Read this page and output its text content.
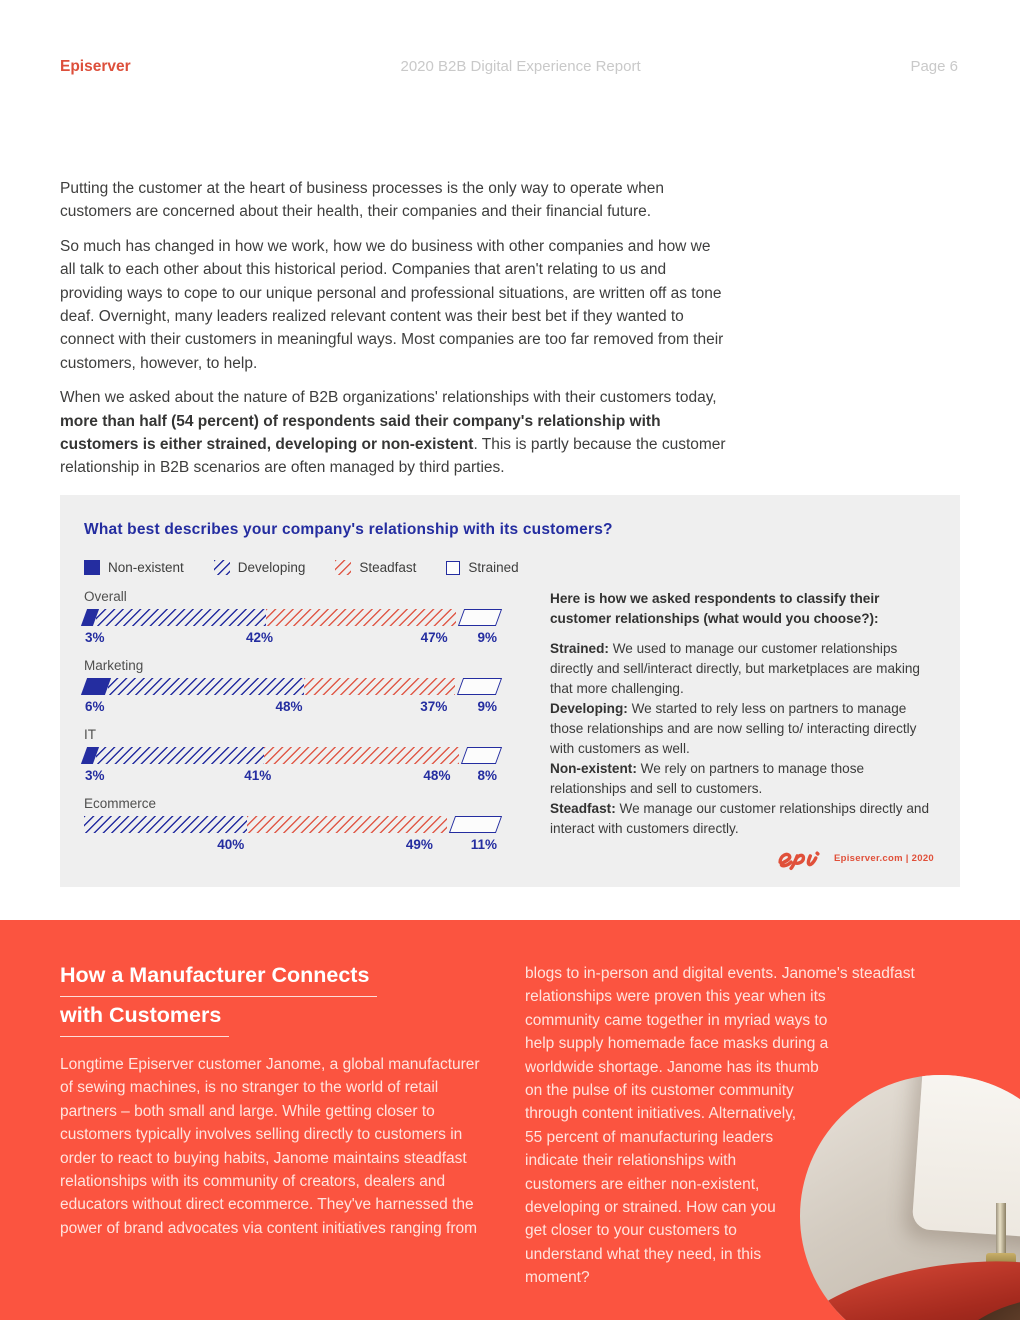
Episerver	2020 B2B Digital Experience Report	Page 6

Putting the customer at the heart of business processes is the only way to operate when customers are concerned about their health, their companies and their financial future.

So much has changed in how we work, how we do business with other companies and how we all talk to each other about this historical period. Companies that aren't relating to us and providing ways to cope to our unique personal and professional situations, are written off as tone deaf. Overnight, many leaders realized relevant content was their best bet if they wanted to connect with their customers in meaningful ways. Most companies are too far removed from their customers, however, to help.

When we asked about the nature of B2B organizations' relationships with their customers today, more than half (54 percent) of respondents said their company's relationship with customers is either strained, developing or non-existent. This is partly because the customer relationship in B2B scenarios are often managed by third parties.

What best describes your company's relationship with its customers?
Non-existent	Developing	Steadfast	Strained
Overall
3%	42%	47%	9%
Marketing
6%	48%	37%	9%
IT
3%	41%	48%	8%
Ecommerce
40%	49%	11%
Here is how we asked respondents to classify their customer relationships (what would you choose?):

Strained: We used to manage our customer relationships directly and sell/interact directly, but marketplaces are making that more challenging.

Developing: We started to rely less on partners to manage those relationships and are now selling to/ interacting directly with customers as well.

Non-existent: We rely on partners to manage those relationships and sell to customers.

Steadfast: We manage our customer relationships directly and interact with customers directly.

Episerver.com | 2020
How a Manufacturer Connects
with Customers
Longtime Episerver customer Janome, a global manufacturer of sewing machines, is no stranger to the world of retail partners – both small and large. While getting closer to customers typically involves selling directly to customers in order to react to buying habits, Janome maintains steadfast relationships with its community of creators, dealers and educators without direct ecommerce. They've harnessed the power of brand advocates via content initiatives ranging from
blogs to in-person and digital events. Janome's steadfast relationships were proven this year when its community came together in myriad ways to help supply homemade face masks during a worldwide shortage. Janome has its thumb on the pulse of its customer community through content initiatives. Alternatively, 55 percent of manufacturing leaders indicate their relationships with customers are either non-existent, developing or strained. How can you get closer to your customers to understand what they need, in this moment?
